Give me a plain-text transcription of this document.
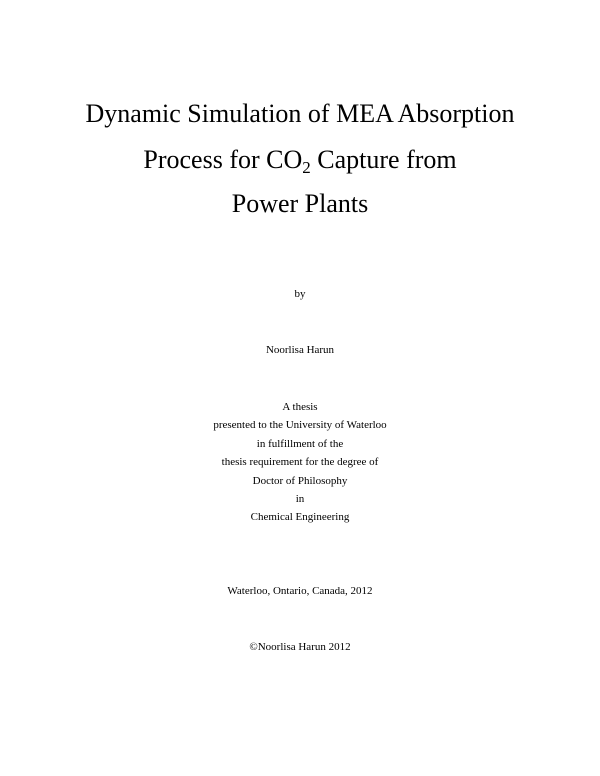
Dynamic Simulation of MEA Absorption
Process for $CO_2$ Capture from
Power Plants
by
Noorlisa Harun
A thesis
presented to the University of Waterloo
in fulfillment of the
thesis requirement for the degree of
Doctor of Philosophy
in
Chemical Engineering
Waterloo, Ontario, Canada, 2012
©Noorlisa Harun 2012
